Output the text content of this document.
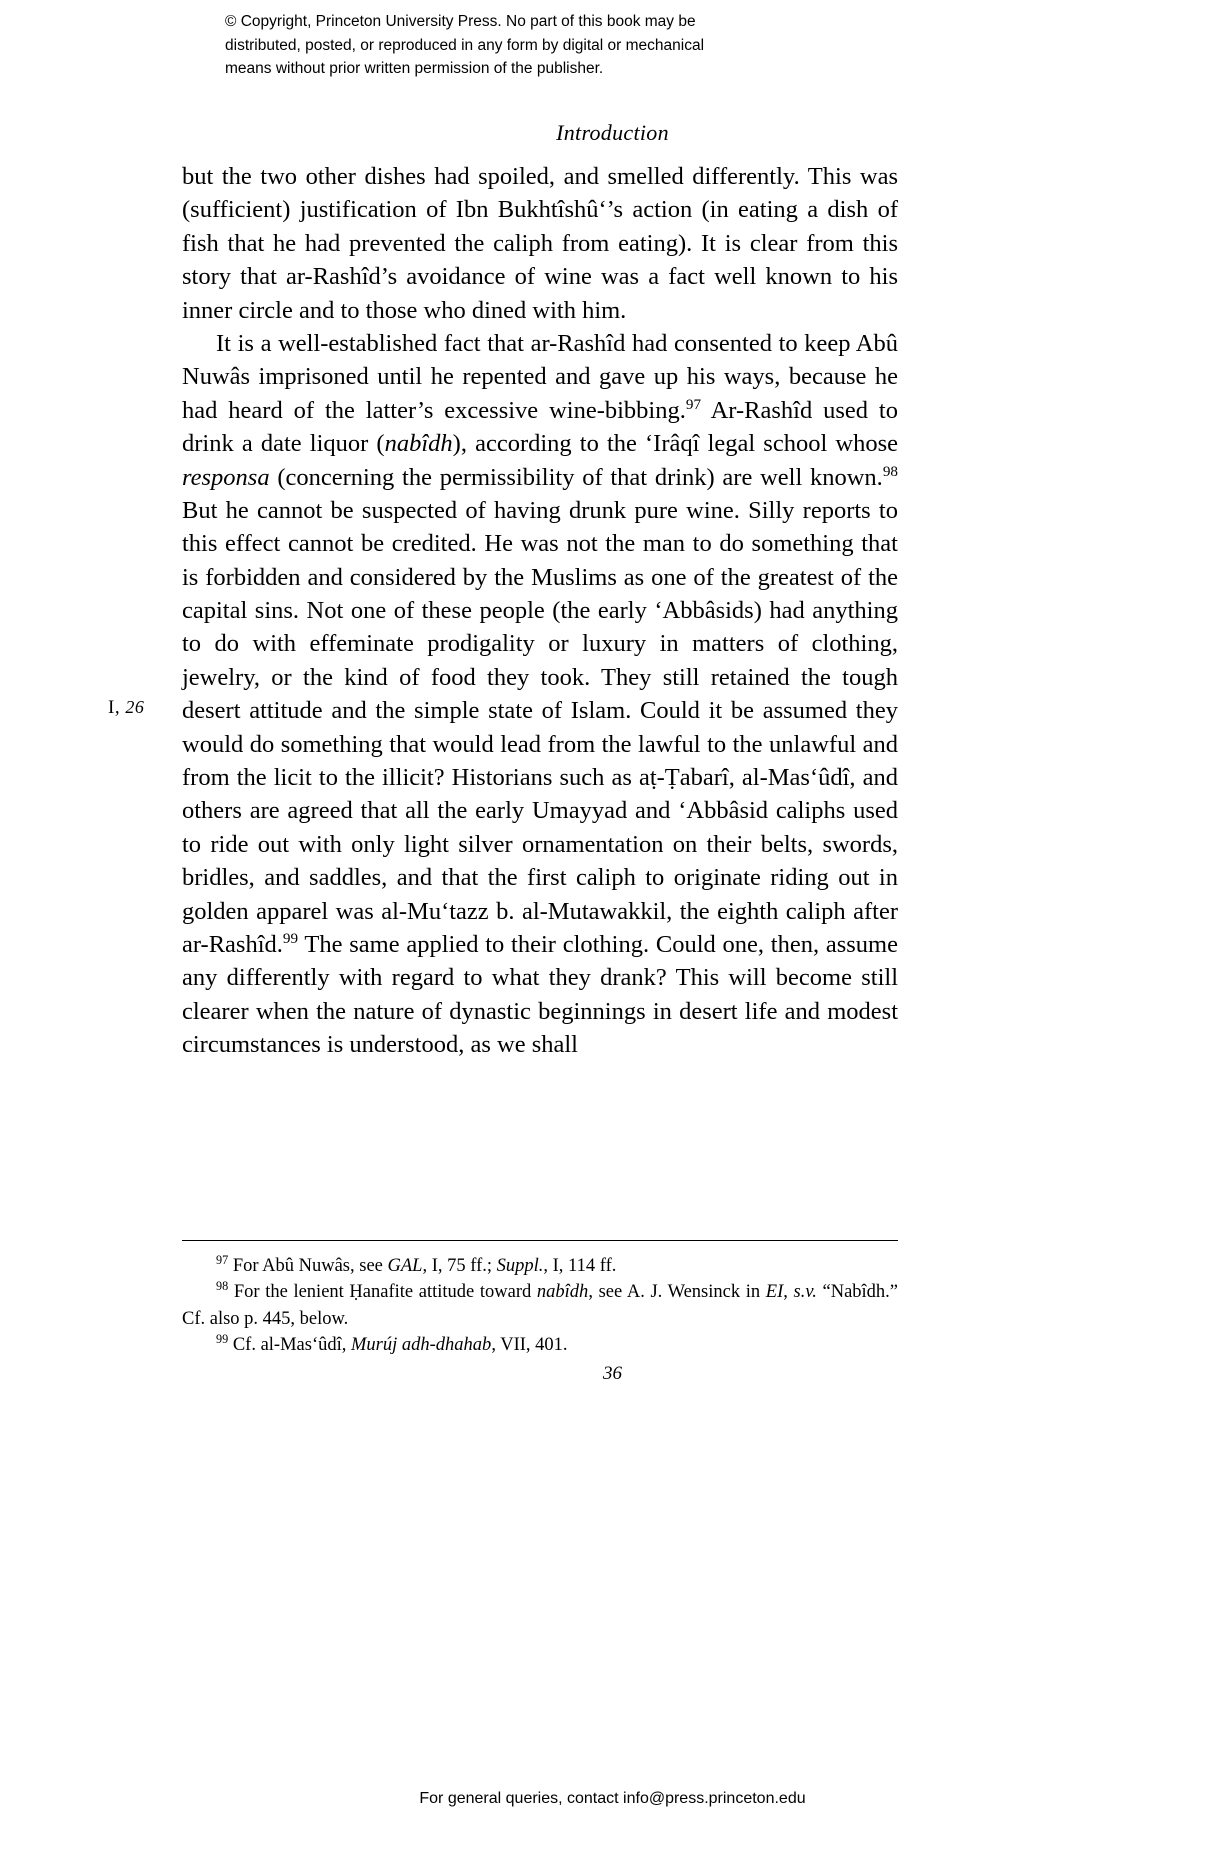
© Copyright, Princeton University Press. No part of this book may be
distributed, posted, or reproduced in any form by digital or mechanical
means without prior written permission of the publisher.
Introduction
I, 26

but the two other dishes had spoiled, and smelled differently. This was (sufficient) justification of Ibn Bukhtîshûʻ’s action (in eating a dish of fish that he had prevented the caliph from eating). It is clear from this story that ar-Rashîd’s avoidance of wine was a fact well known to his inner circle and to those who dined with him.

It is a well-established fact that ar-Rashîd had consented to keep Abû Nuwâs imprisoned until he repented and gave up his ways, because he had heard of the latter’s excessive wine-bibbing.$^{97}$ Ar-Rashîd used to drink a date liquor (nabîdh), according to the ʻIrâqî legal school whose responsa (concerning the permissibility of that drink) are well known.$^{98}$ But he cannot be suspected of having drunk pure wine. Silly reports to this effect cannot be credited. He was not the man to do something that is forbidden and considered by the Muslims as one of the greatest of the capital sins. Not one of these people (the early ʻAbbâsids) had anything to do with effeminate prodigality or luxury in matters of clothing, jewelry, or the kind of food they took. They still retained the tough desert attitude and the simple state of Islam. Could it be assumed they would do something that would lead from the lawful to the unlawful and from the licit to the illicit? Historians such as aṭ-Ṭabarî, al-Masʻûdî, and others are agreed that all the early Umayyad and ʻAbbâsid caliphs used to ride out with only light silver ornamentation on their belts, swords, bridles, and saddles, and that the first caliph to originate riding out in golden apparel was al-Muʻtazz b. al-Mutawakkil, the eighth caliph after ar-Rashîd.$^{99}$ The same applied to their clothing. Could one, then, assume any differently with regard to what they drank? This will become still clearer when the nature of dynastic beginnings in desert life and modest circumstances is understood, as we shall

$^{97}$ For Abû Nuwâs, see GAL, I, 75 ff.; Suppl., I, 114 ff.

$^{98}$ For the lenient Ḥanafite attitude toward nabîdh, see A. J. Wensinck in EI, s.v. “Nabîdh.” Cf. also p. 445, below.

$^{99}$ Cf. al-Masʻûdî, Murúj adh-dhahab, VII, 401.

36
For general queries, contact info@press.princeton.edu
